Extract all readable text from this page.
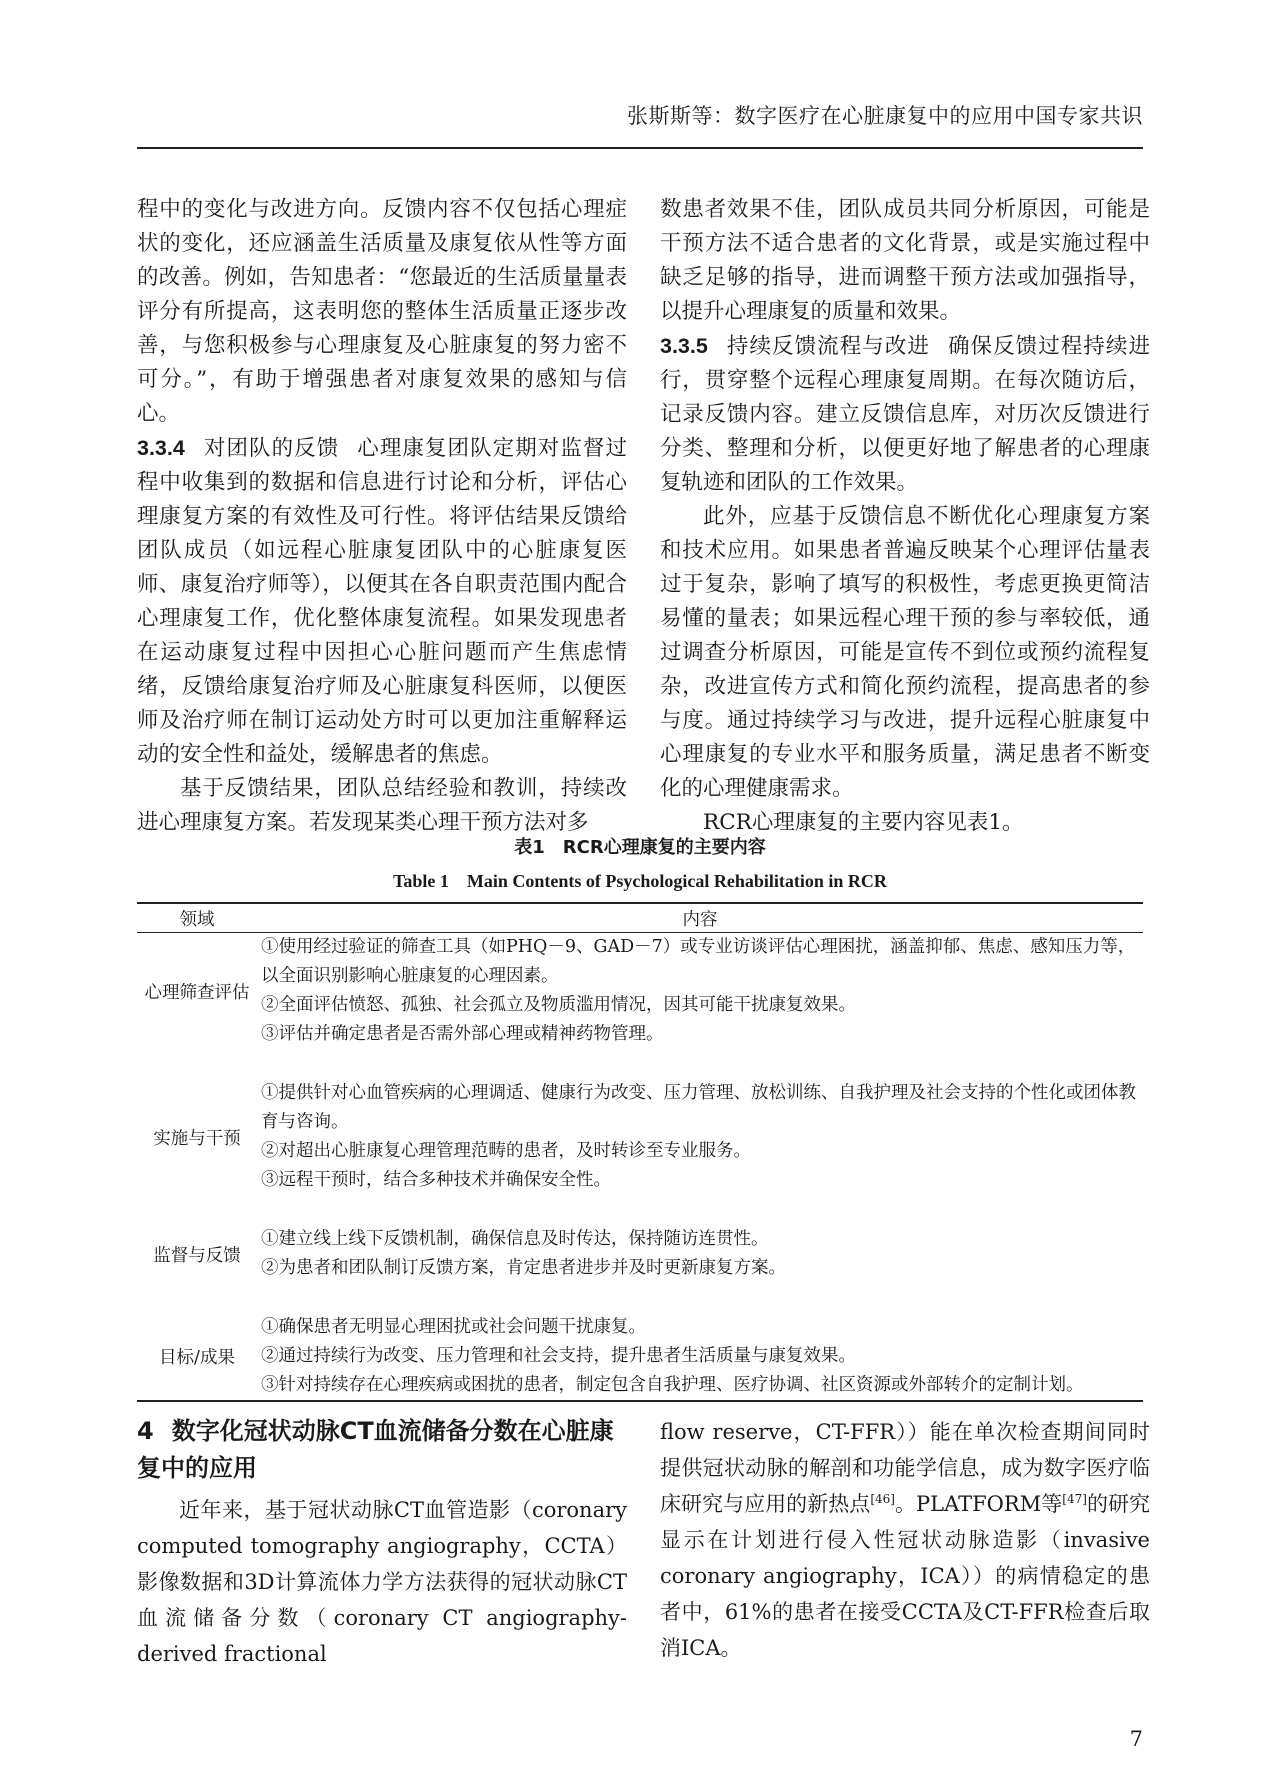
张斯斯等：数字医疗在心脏康复中的应用中国专家共识

程中的变化与改进方向。反馈内容不仅包括心理症状的变化，还应涵盖生活质量及康复依从性等方面的改善。例如，告知患者：“您最近的生活质量量表评分有所提高，这表明您的整体生活质量正逐步改善，与您积极参与心理康复及心脏康复的努力密不可分。”，有助于增强患者对康复效果的感知与信心。

3.3.4 对团队的反馈 心理康复团队定期对监督过程中收集到的数据和信息进行讨论和分析，评估心理康复方案的有效性及可行性。将评估结果反馈给团队成员（如远程心脏康复团队中的心脏康复医师、康复治疗师等），以便其在各自职责范围内配合心理康复工作，优化整体康复流程。如果发现患者在运动康复过程中因担心心脏问题而产生焦虑情绪，反馈给康复治疗师及心脏康复科医师，以便医师及治疗师在制订运动处方时可以更加注重解释运动的安全性和益处，缓解患者的焦虑。

基于反馈结果，团队总结经验和教训，持续改进心理康复方案。若发现某类心理干预方法对多

数患者效果不佳，团队成员共同分析原因，可能是干预方法不适合患者的文化背景，或是实施过程中缺乏足够的指导，进而调整干预方法或加强指导，以提升心理康复的质量和效果。

3.3.5 持续反馈流程与改进 确保反馈过程持续进行，贯穿整个远程心理康复周期。在每次随访后，记录反馈内容。建立反馈信息库，对历次反馈进行分类、整理和分析，以便更好地了解患者的心理康复轨迹和团队的工作效果。

此外，应基于反馈信息不断优化心理康复方案和技术应用。如果患者普遍反映某个心理评估量表过于复杂，影响了填写的积极性，考虑更换更简洁易懂的量表；如果远程心理干预的参与率较低，通过调查分析原因，可能是宣传不到位或预约流程复杂，改进宣传方式和简化预约流程，提高患者的参与度。通过持续学习与改进，提升远程心脏康复中心理康复的专业水平和服务质量，满足患者不断变化的心理健康需求。

RCR心理康复的主要内容见表1。

表1　RCR心理康复的主要内容
Table 1　Main Contents of Psychological Rehabilitation in RCR
领域	内容
心理筛查评估	①使用经过验证的筛查工具（如PHQ－9、GAD－7）或专业访谈评估心理困扰，涵盖抑郁、焦虑、感知压力等，以全面识别影响心脏康复的心理因素。
②全面评估愤怒、孤独、社会孤立及物质滥用情况，因其可能干扰康复效果。
③评估并确定患者是否需外部心理或精神药物管理。

实施与干预	①提供针对心血管疾病的心理调适、健康行为改变、压力管理、放松训练、自我护理及社会支持的个性化或团体教育与咨询。
②对超出心脏康复心理管理范畴的患者，及时转诊至专业服务。
③远程干预时，结合多种技术并确保安全性。

监督与反馈	①建立线上线下反馈机制，确保信息及时传达，保持随访连贯性。
②为患者和团队制订反馈方案，肯定患者进步并及时更新康复方案。

目标/成果	①确保患者无明显心理困扰或社会问题干扰康复。
②通过持续行为改变、压力管理和社会支持，提升患者生活质量与康复效果。
③针对持续存在心理疾病或困扰的患者，制定包含自我护理、医疗协调、社区资源或外部转介的定制计划。
4 数字化冠状动脉CT血流储备分数在心脏康复中的应用

近年来，基于冠状动脉CT血管造影（coronary computed tomography angiography，CCTA）影像数据和3D计算流体力学方法获得的冠状动脉CT血流储备分数（coronary CT angiography-derived fractional

flow reserve，CT-FFR））能在单次检查期间同时提供冠状动脉的解剖和功能学信息，成为数字医疗临床研究与应用的新热点[46]。PLATFORM等[47]的研究显示在计划进行侵入性冠状动脉造影（invasive coronary angiography，ICA））的病情稳定的患者中，61%的患者在接受CCTA及CT-FFR检查后取消ICA。

7
